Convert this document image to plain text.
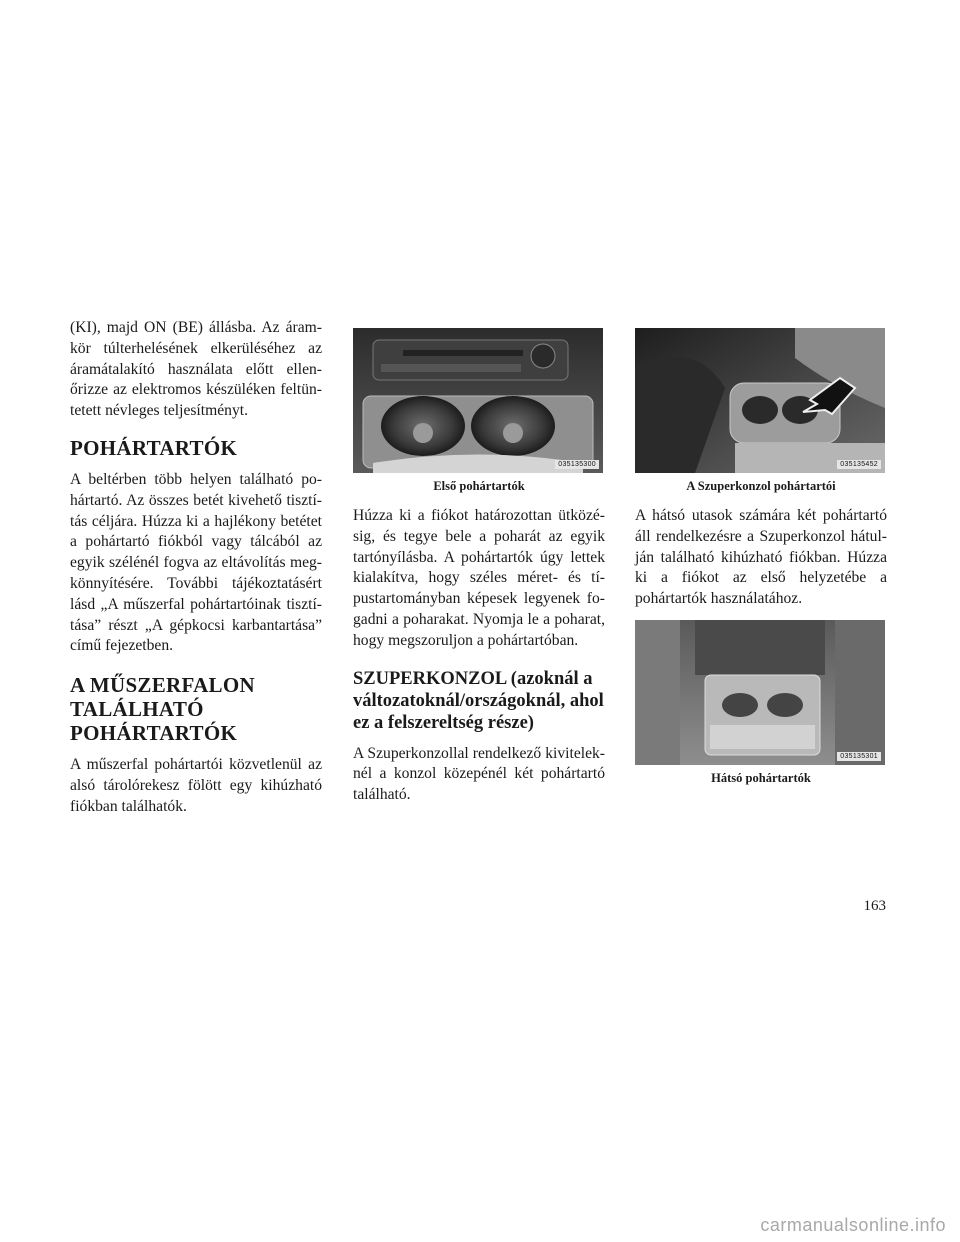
(KI), majd ON (BE) állásba. Az áramkör túlterhelésének elkerüléséhez az áramátalakító használata előtt ellenőrizze az elektromos készüléken feltüntetett névleges teljesítményt.

POHÁRTARTÓK

A beltérben több helyen található pohártartó. Az összes betét kivehető tisztítás céljára. Húzza ki a hajlékony betétet a pohártartó fiókból vagy tálcából az egyik szélénél fogva az eltávolítás megkönnyítésére. További tájékoztatásért lásd „A műszerfal pohártartóinak tisztítása” részt „A gépkocsi karbantartása” című fejezetben.

A MŰSZERFALON TALÁLHATÓ POHÁRTARTÓK

A műszerfal pohártartói közvetlenül az alsó tárolórekesz fölött egy kihúzható fiókban találhatók.

035135300
Első pohártartók

Húzza ki a fiókot határozottan ütközésig, és tegye bele a poharát az egyik tartónyílásba. A pohártartók úgy lettek kialakítva, hogy széles méret- és típustartományban képesek legyenek fogadni a poharakat. Nyomja le a poharat, hogy megszoruljon a pohártartóban.

SZUPERKONZOL (azoknál a változatoknál/országoknál, ahol ez a felszereltség része)

A Szuperkonzollal rendelkező kiviteleknél a konzol közepénél két pohártartó található.

035135452
A Szuperkonzol pohártartói

A hátsó utasok számára két pohártartó áll rendelkezésre a Szuperkonzol hátulján található kihúzható fiókban. Húzza ki a fiókot az első helyzetébe a pohártartók használatához.

035135301
Hátsó pohártartók
163
carmanualsonline.info
